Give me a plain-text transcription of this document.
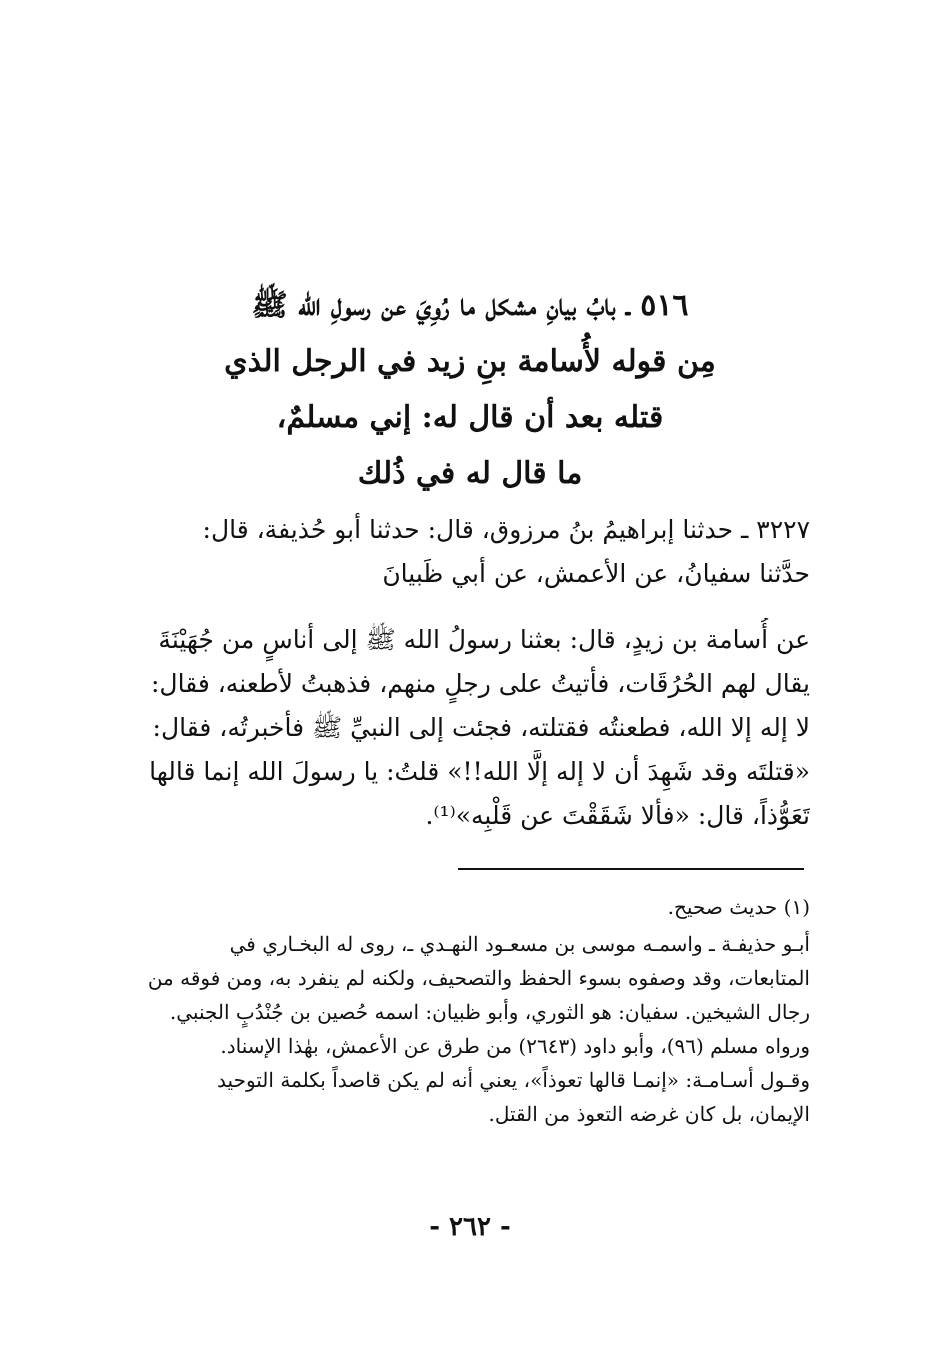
٥١٦ ـ بابُ بيانِ مشكل ما رُوِيَ عن رسولِ الله ﷺ
مِن قوله لأُسامة بنِ زيد في الرجل الذي
قتله بعد أن قال له: إني مسلمٌ،
ما قال له في ذُلك
٣٢٢٧ ـ حدثنا إبراهيمُ بنُ مرزوق، قال: حدثنا أبو حُذيفة، قال:
حدَّثنا سفيانُ، عن الأعمش، عن أبي ظَبيانَ
عن أُسامة بن زيدٍ، قال: بعثنا رسولُ الله ﷺ إلى أناسٍ من جُهَيْنَةَ
يقال لهم الحُرُقَات، فأتيتُ على رجلٍ منهم، فذهبتُ لأطعنه، فقال:
لا إله إلا الله، فطعنتُه فقتلته، فجئت إلى النبيِّ ﷺ فأخبرتُه، فقال:
«قتلتَه وقد شَهِدَ أن لا إله إلَّا الله!!» قلتُ: يا رسولَ الله إنما قالها
تَعَوُّذاً، قال: «فألا شَقَقْتَ عن قَلْبِه»⁽¹⁾.
(١) حديث صحيح.
أبـو حذيفـة ـ واسمـه موسى بن مسعـود النهـدي ـ، روى له البخـاري في
المتابعات، وقد وصفوه بسوء الحفظ والتصحيف، ولكنه لم ينفرد به، ومن فوقه من
رجال الشيخين. سفيان: هو الثوري، وأبو ظبيان: اسمه حُصين بن جُنْدُبٍ الجنبي.
ورواه مسلم (٩٦)، وأبو داود (٢٦٤٣) من طرق عن الأعمش، بهٰذا الإسناد.
وقـول أسـامـة: «إنمـا قالها تعوذاً»، يعني أنه لم يكن قاصداً بكلمة التوحيد
الإيمان، بل كان غرضه التعوذ من القتل.
- ٢٦٢ -
